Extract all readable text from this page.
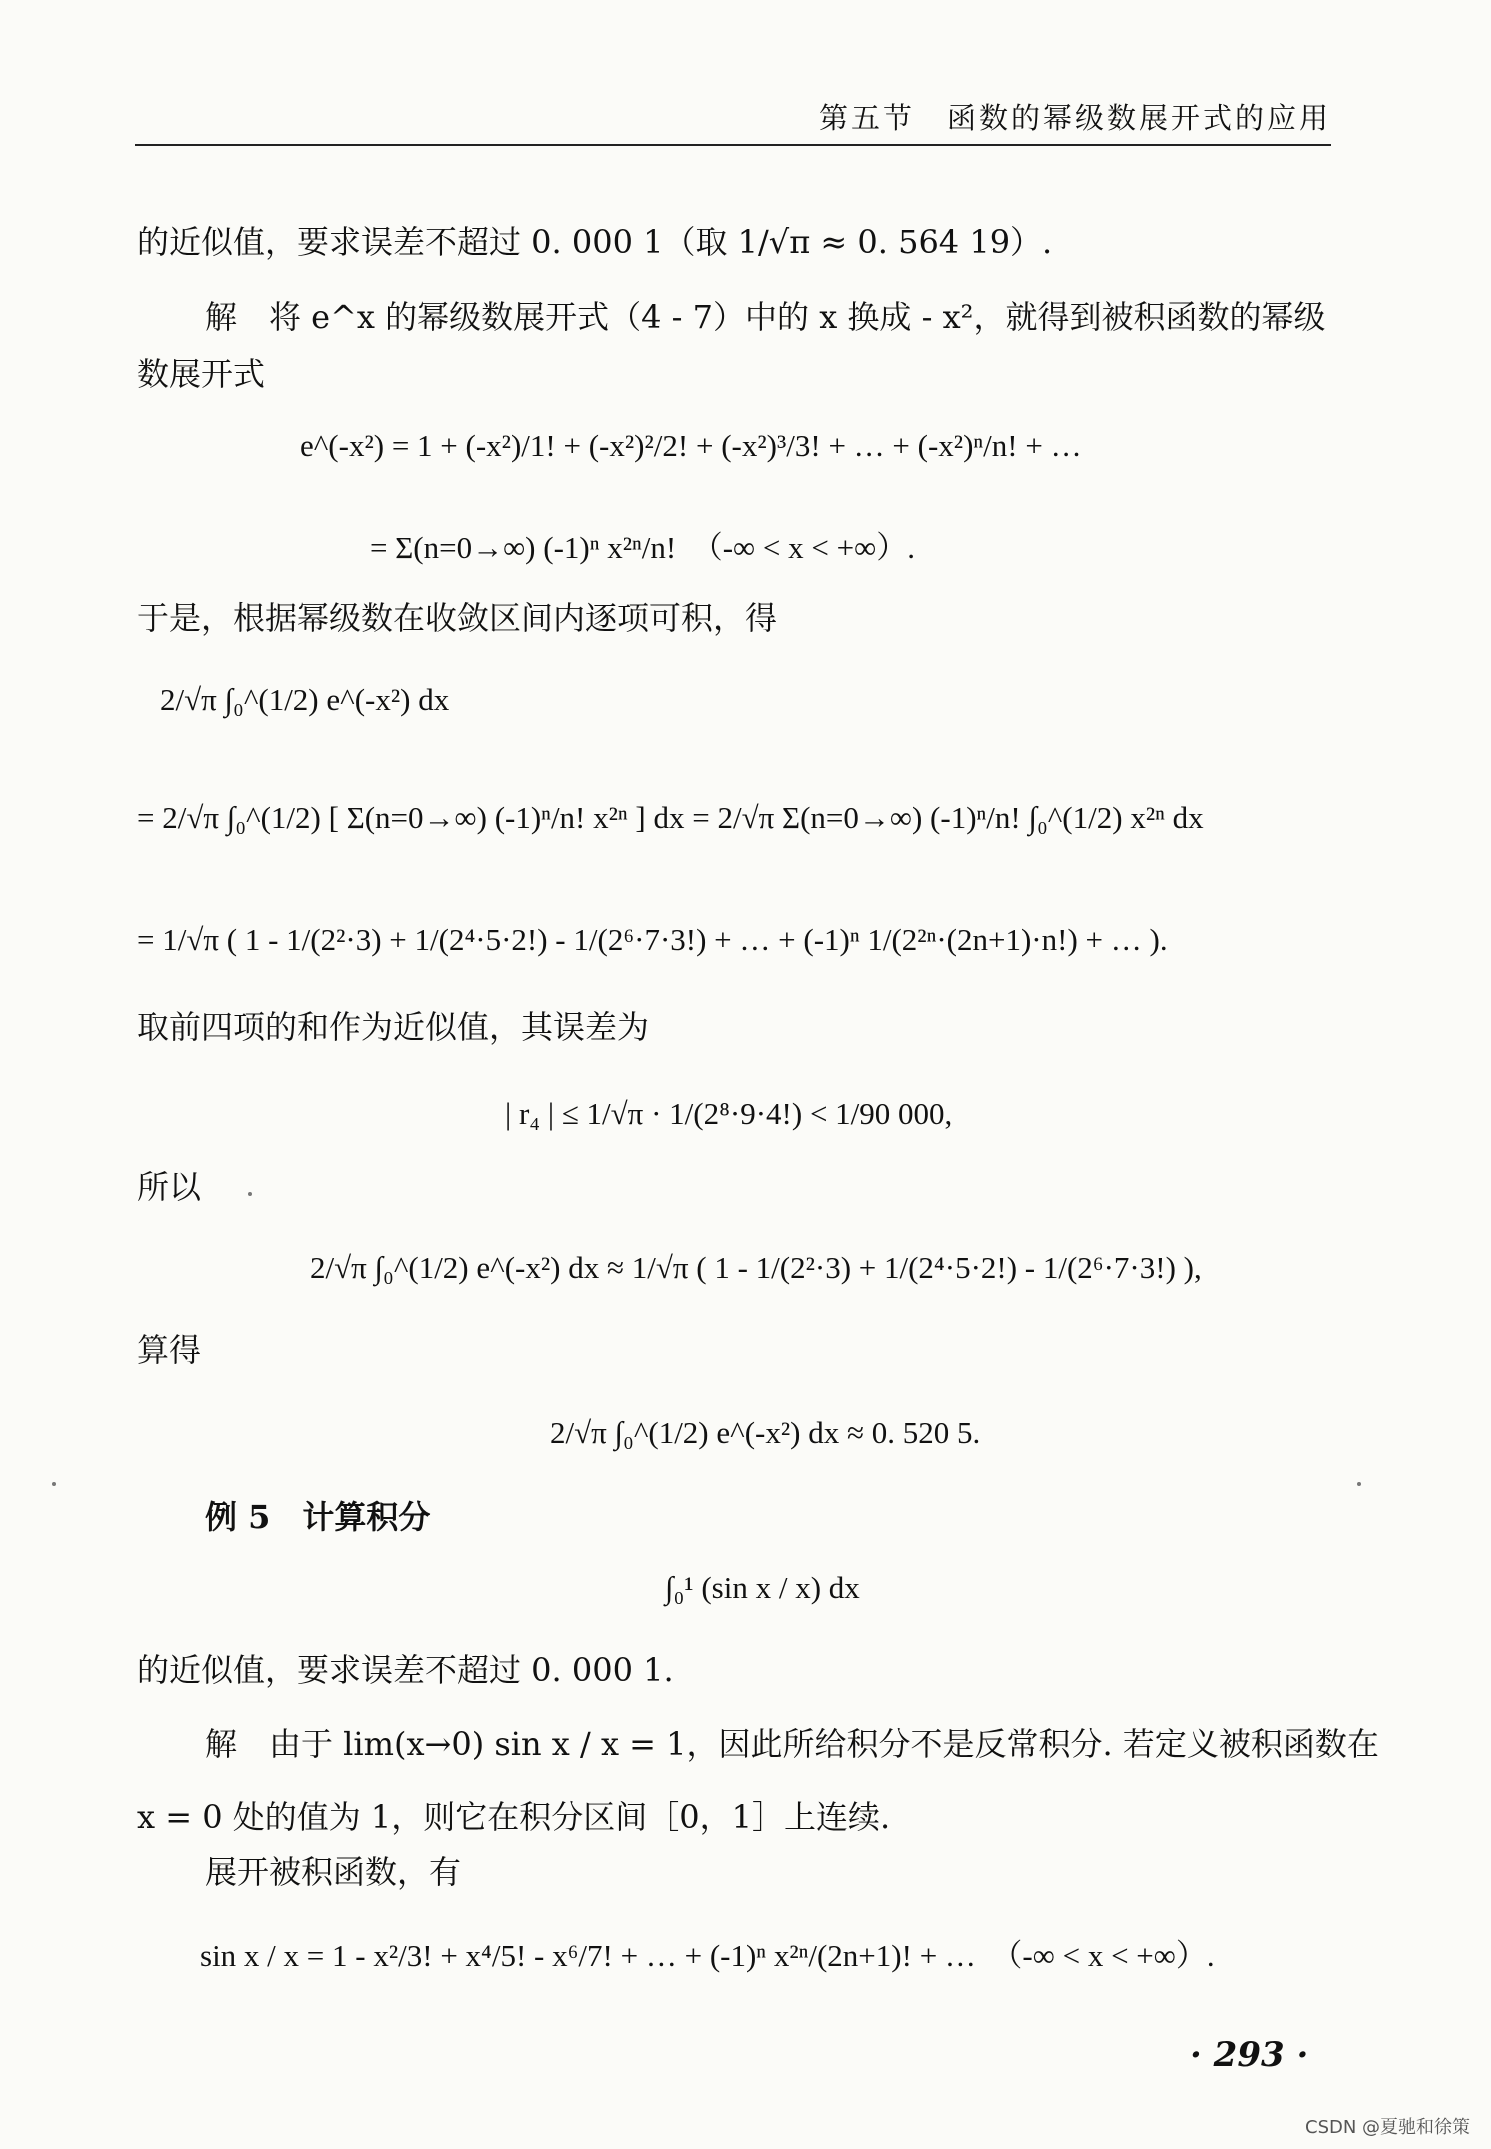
第五节　函数的幂级数展开式的应用
的近似值，要求误差不超过 0. 000 1（取 1/√π ≈ 0. 564 19）.
解　将 e^x 的幂级数展开式（4 - 7）中的 x 换成 - x²，就得到被积函数的幂级
数展开式
e^(-x²) = 1 + (-x²)/1! + (-x²)²/2! + (-x²)³/3! + … + (-x²)ⁿ/n! + …
= Σ(n=0→∞) (-1)ⁿ x²ⁿ/n!　（-∞ < x < +∞）.
于是，根据幂级数在收敛区间内逐项可积，得
2/√π ∫₀^(1/2) e^(-x²) dx
= 2/√π ∫₀^(1/2) [ Σ(n=0→∞) (-1)ⁿ/n! x²ⁿ ] dx = 2/√π Σ(n=0→∞) (-1)ⁿ/n! ∫₀^(1/2) x²ⁿ dx
= 1/√π ( 1 - 1/(2²·3) + 1/(2⁴·5·2!) - 1/(2⁶·7·3!) + … + (-1)ⁿ 1/(2²ⁿ·(2n+1)·n!) + … ).
取前四项的和作为近似值，其误差为
| r₄ | ≤ 1/√π · 1/(2⁸·9·4!) < 1/90 000,
所以
2/√π ∫₀^(1/2) e^(-x²) dx ≈ 1/√π ( 1 - 1/(2²·3) + 1/(2⁴·5·2!) - 1/(2⁶·7·3!) ),
算得
2/√π ∫₀^(1/2) e^(-x²) dx ≈ 0. 520 5.
例 5　计算积分
∫₀¹ (sin x / x) dx
的近似值，要求误差不超过 0. 000 1.
解　由于 lim(x→0) sin x / x = 1，因此所给积分不是反常积分. 若定义被积函数在
x = 0 处的值为 1，则它在积分区间［0，1］上连续.
展开被积函数，有
sin x / x = 1 - x²/3! + x⁴/5! - x⁶/7! + … + (-1)ⁿ x²ⁿ/(2n+1)! + …　（-∞ < x < +∞）.
· 293 ·
CSDN @夏驰和徐策
